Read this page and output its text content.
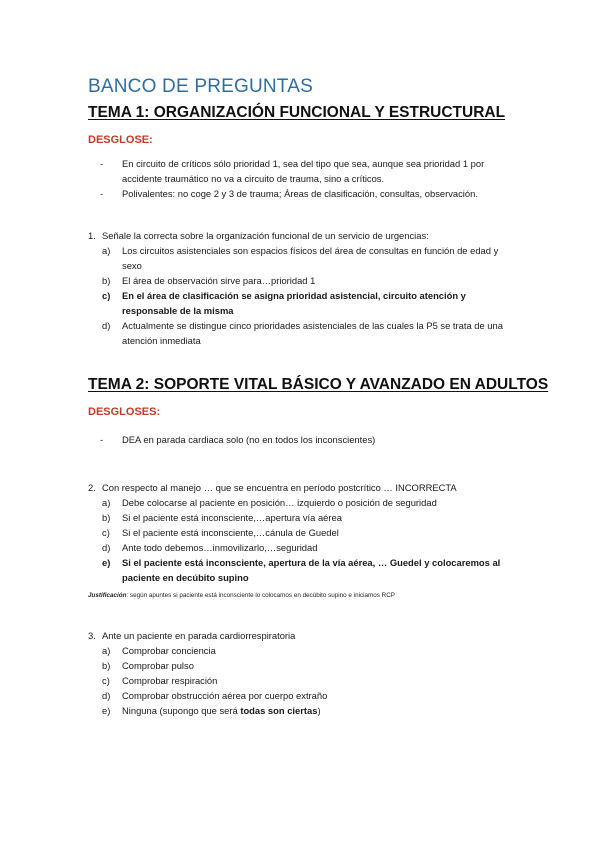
BANCO DE PREGUNTAS
TEMA 1: ORGANIZACIÓN FUNCIONAL Y ESTRUCTURAL
DESGLOSE:
- En circuito de críticos sólo prioridad 1, sea del tipo que sea, aunque sea prioridad 1 por accidente traumático no va a circuito de trauma, sino a críticos.
- Polivalentes: no coge 2 y 3 de trauma; Áreas de clasificación, consultas, observación.
1. Señale la correcta sobre la organización funcional de un servicio de urgencias:
a) Los circuitos asistenciales son espacios físicos del área de consultas en función de edad y sexo
b) El área de observación sirve para…prioridad 1
c) En el área de clasificación se asigna prioridad asistencial, circuito atención y responsable de la misma
d) Actualmente se distingue cinco prioridades asistenciales de las cuales la P5 se trata de una atención inmediata
TEMA 2: SOPORTE VITAL BÁSICO Y AVANZADO EN ADULTOS
DESGLOSES:
- DEA en parada cardiaca solo (no en todos los inconscientes)
2. Con respecto al manejo … que se encuentra en período postcrítico … INCORRECTA
a) Debe colocarse al paciente en posición… izquierdo o posición de seguridad
b) Si el paciente está inconsciente,…apertura vía aérea
c) Si el paciente está inconsciente,…cánula de Guedel
d) Ante todo debemos…inmovilizarlo,…seguridad
e) Si el paciente está inconsciente, apertura de la vía aérea, … Guedel y colocaremos al paciente en decúbito supino
Justificación: según apuntes si paciente está inconsciente lo colocamos en decúbito supino e iniciamos RCP
3. Ante un paciente en parada cardiorrespiratoria
a) Comprobar conciencia
b) Comprobar pulso
c) Comprobar respiración
d) Comprobar obstrucción aérea por cuerpo extraño
e) Ninguna (supongo que será todas son ciertas)
